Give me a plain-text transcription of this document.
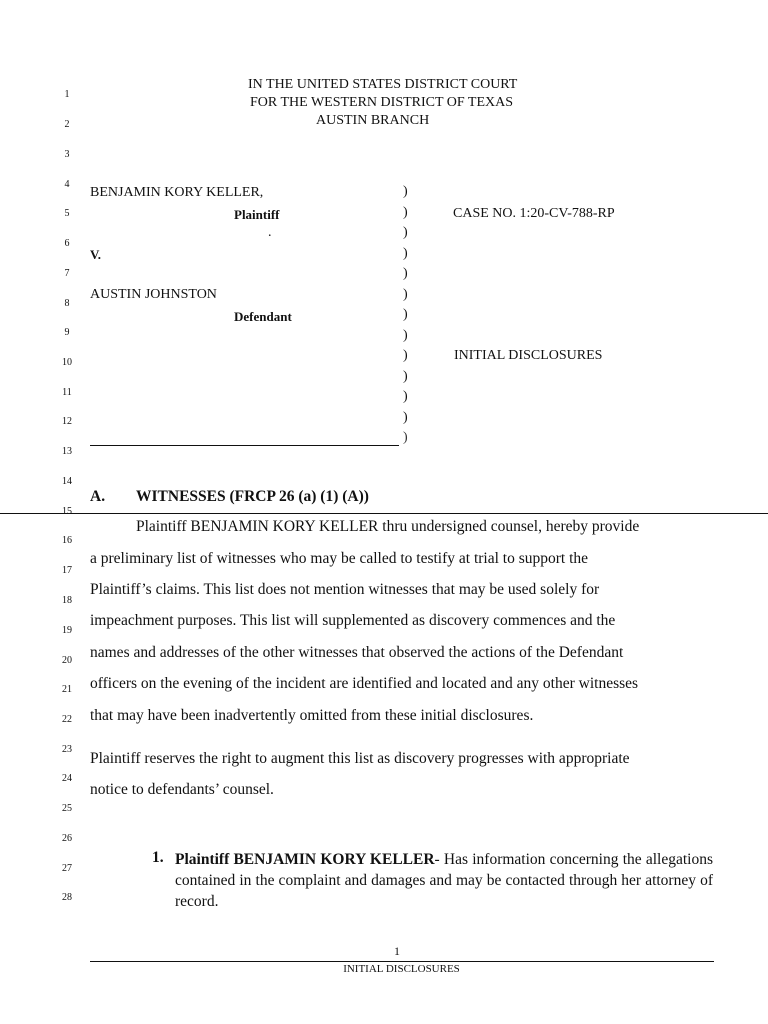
1
2
3
4
5
6
7
8
9
10
11
12
13
14
15
16
17
18
19
20
21
22
23
24
25
26
27
28
IN THE UNITED STATES DISTRICT COURT
FOR THE WESTERN DISTRICT OF TEXAS
AUSTIN BRANCH
BENJAMIN KORY KELLER,
Plaintiff
.
V.
AUSTIN JOHNSTON
Defendant
)
)
)
)
)
)
)
)
)
)
)
)
)
CASE NO. 1:20-CV-788-RP
INITIAL DISCLOSURES
A. WITNESSES (FRCP 26 (a) (1) (A))
Plaintiff BENJAMIN KORY KELLER thru undersigned counsel, hereby provide
a preliminary list of witnesses who may be called to testify at trial to support the
Plaintiff’s claims. This list does not mention witnesses that may be used solely for
impeachment purposes. This list will supplemented as discovery commences and the
names and addresses of the other witnesses that observed the actions of the Defendant
officers on the evening of the incident are identified and located and any other witnesses
that may have been inadvertently omitted from these initial disclosures.
Plaintiff reserves the right to augment this list as discovery progresses with appropriate
notice to defendants’ counsel.
1. Plaintiff BENJAMIN KORY KELLER- Has information concerning the allegations contained in the complaint and damages and may be contacted through her attorney of record.
1
INITIAL DISCLOSURES
